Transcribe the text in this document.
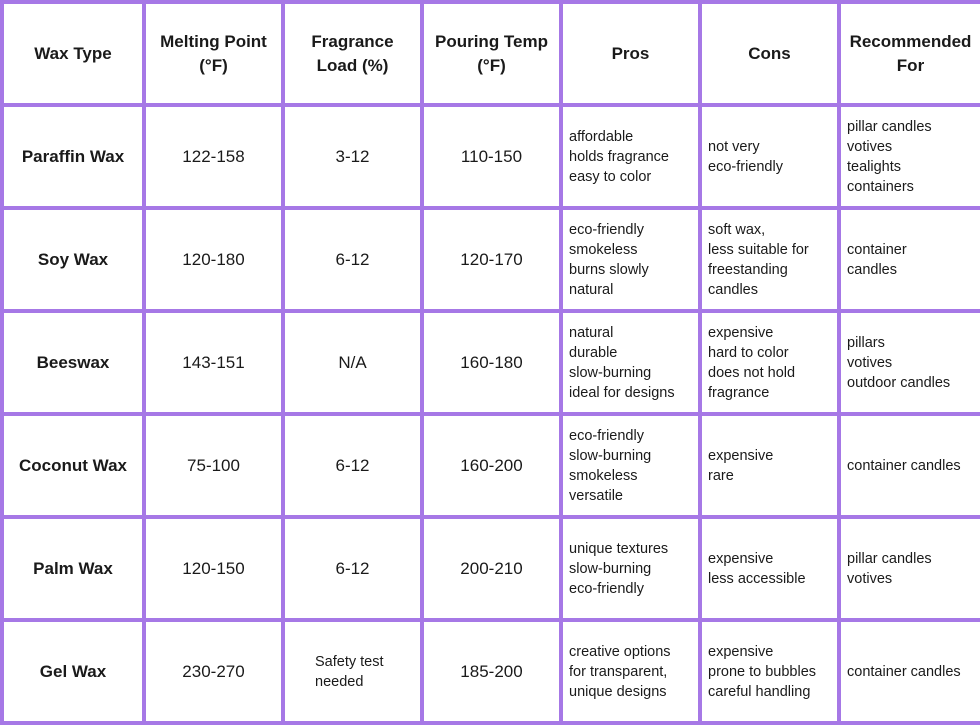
Wax Type	Melting Point (°F)	Fragrance Load (%)	Pouring Temp (°F)	Pros	Cons	Recommended For
Paraffin Wax	122-158	3-12	110-150	affordable
holds fragrance
easy to color	not very
eco-friendly	pillar candles
votives
tealights
containers

Soy Wax	120-180	6-12	120-170	eco-friendly
smokeless
burns slowly
natural	soft wax,
less suitable for
freestanding
candles	container
candles

Beeswax	143-151	N/A	160-180	natural
durable
slow-burning
ideal for designs	expensive
hard to color
does not hold
fragrance	pillars
votives
outdoor candles

Coconut Wax	75-100	6-12	160-200	eco-friendly
slow-burning
smokeless
versatile	expensive
rare	container candles

Palm Wax	120-150	6-12	200-210	unique textures
slow-burning
eco-friendly	expensive
less accessible	pillar candles
votives

Gel Wax	230-270	Safety test needed	185-200	creative options
for transparent,
unique designs	expensive
prone to bubbles
careful handling	container candles
